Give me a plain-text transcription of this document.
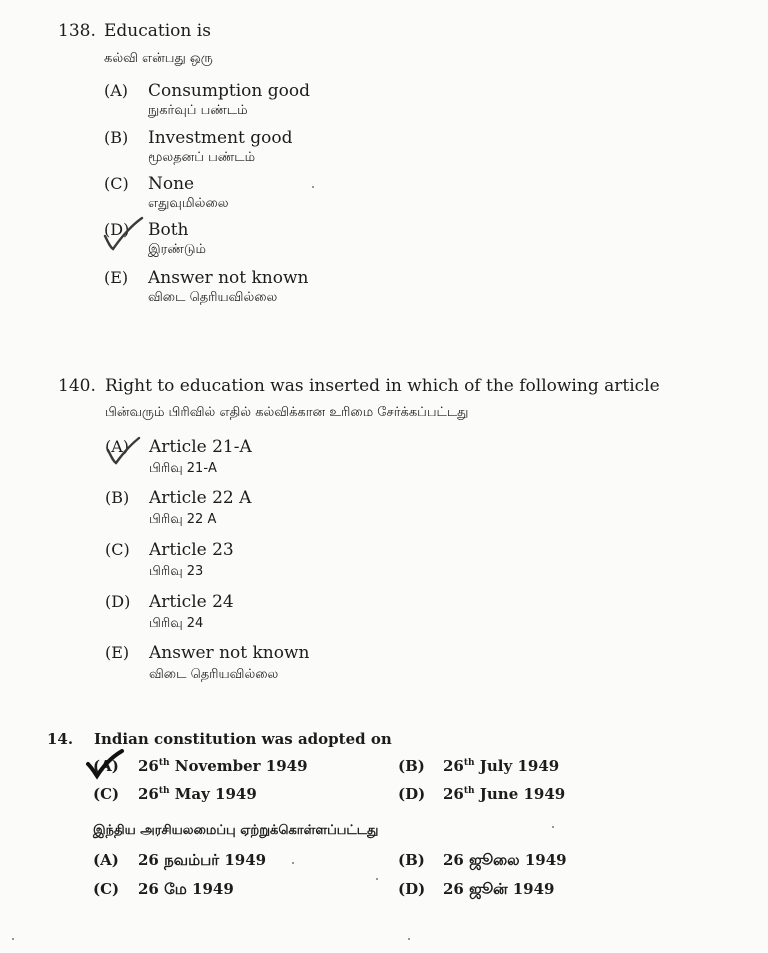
138. Education is
கல்வி என்பது ஒரு
(A) Consumption good
நுகர்வுப் பண்டம்
(B) Investment good
மூலதனப் பண்டம்
(C) None
எதுவுமில்லை
(D) Both
இரண்டும்
(E) Answer not known
விடை தெரியவில்லை
140. Right to education was inserted in which of the following article
பின்வரும் பிரிவில் எதில் கல்விக்கான உரிமை சேர்க்கப்பட்டது
(A) Article 21-A
பிரிவு 21-A
(B) Article 22 A
பிரிவு 22 A
(C) Article 23
பிரிவு 23
(D) Article 24
பிரிவு 24
(E) Answer not known
விடை தெரியவில்லை
14. Indian constitution was adopted on
(A) 26th November 1949	(B) 26th July 1949
(C) 26th May 1949	(D) 26th June 1949
இந்திய அரசியலமைப்பு ஏற்றுக்கொள்ளப்பட்டது
(A) 26 நவம்பர் 1949	(B) 26 ஜூலை 1949
(C) 26 மே 1949	(D) 26 ஜூன் 1949
